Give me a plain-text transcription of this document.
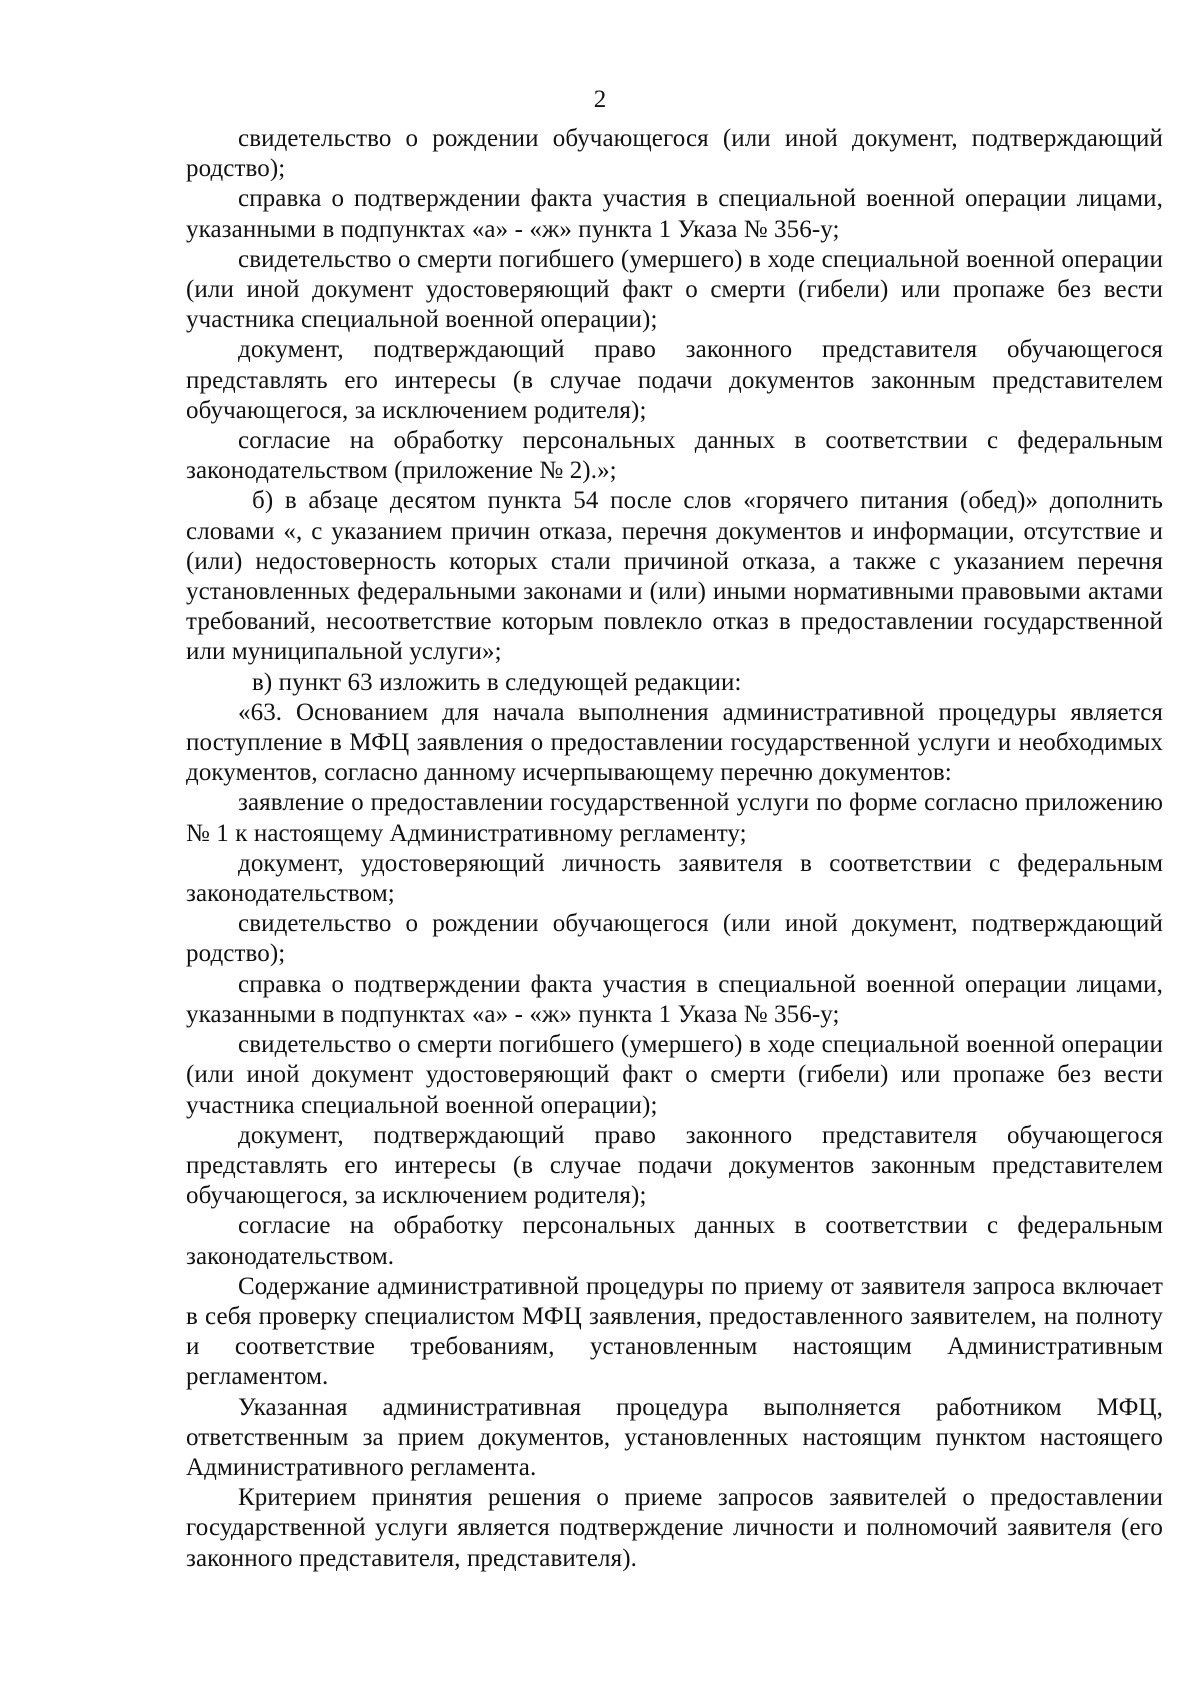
2

свидетельство о рождении обучающегося (или иной документ, подтверждающий родство);

справка о подтверждении факта участия в специальной военной операции лицами, указанными в подпунктах «а» - «ж» пункта 1 Указа № 356-у;

свидетельство о смерти погибшего (умершего) в ходе специальной военной операции (или иной документ удостоверяющий факт о смерти (гибели) или пропаже без вести участника специальной военной операции);

документ, подтверждающий право законного представителя обучающегося представлять его интересы (в случае подачи документов законным представителем обучающегося, за исключением родителя);

согласие на обработку персональных данных в соответствии с федеральным законодательством (приложение № 2).»;

б) в абзаце десятом пункта 54 после слов «горячего питания (обед)» дополнить словами «, с указанием причин отказа, перечня документов и информации, отсутствие и (или) недостоверность которых стали причиной отказа, а также с указанием перечня установленных федеральными законами и (или) иными нормативными правовыми актами требований, несоответствие которым повлекло отказ в предоставлении государственной или муниципальной услуги»;

в) пункт 63 изложить в следующей редакции:

«63. Основанием для начала выполнения административной процедуры является поступление в МФЦ заявления о предоставлении государственной услуги и необходимых документов, согласно данному исчерпывающему перечню документов:

заявление о предоставлении государственной услуги по форме согласно приложению № 1 к настоящему Административному регламенту;

документ, удостоверяющий личность заявителя в соответствии с федеральным законодательством;

свидетельство о рождении обучающегося (или иной документ, подтверждающий родство);

справка о подтверждении факта участия в специальной военной операции лицами, указанными в подпунктах «а» - «ж» пункта 1 Указа № 356-у;

свидетельство о смерти погибшего (умершего) в ходе специальной военной операции (или иной документ удостоверяющий факт о смерти (гибели) или пропаже без вести участника специальной военной операции);

документ, подтверждающий право законного представителя обучающегося представлять его интересы (в случае подачи документов законным представителем обучающегося, за исключением родителя);

согласие на обработку персональных данных в соответствии с федеральным законодательством.

Содержание административной процедуры по приему от заявителя запроса включает в себя проверку специалистом МФЦ заявления, предоставленного заявителем, на полноту и соответствие требованиям, установленным настоящим Административным регламентом.

Указанная административная процедура выполняется работником МФЦ, ответственным за прием документов, установленных настоящим пунктом настоящего Административного регламента.

Критерием принятия решения о приеме запросов заявителей о предоставлении государственной услуги является подтверждение личности и полномочий заявителя (его законного представителя, представителя).
